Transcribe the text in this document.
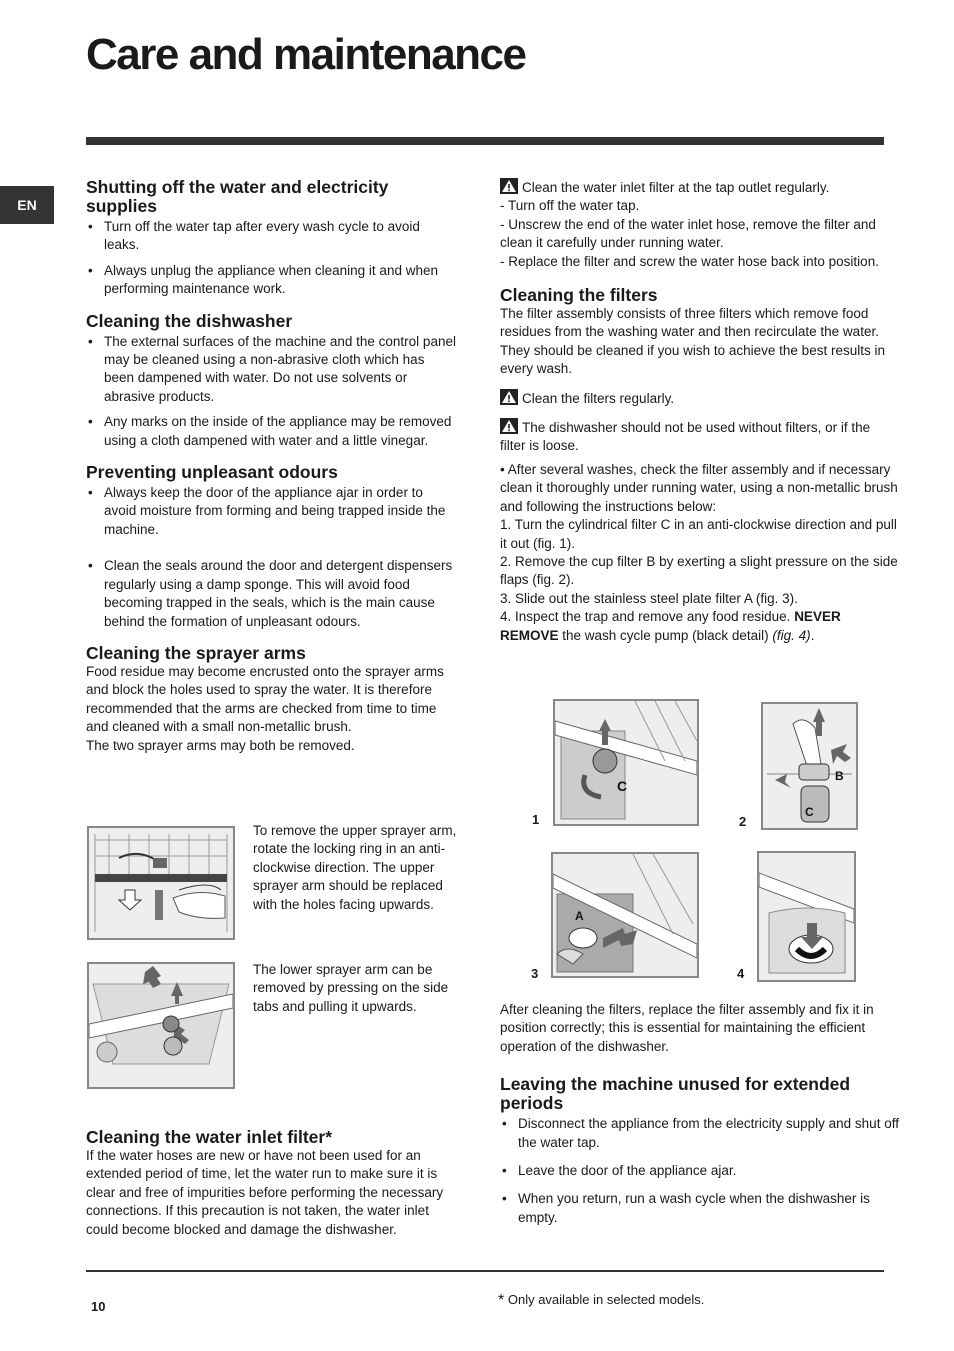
Care and maintenance
EN
Shutting off the water and electricity supplies
• Turn off the water tap after every wash cycle to avoid leaks.
• Always unplug the appliance when cleaning it and when performing maintenance work.
Cleaning the dishwasher
• The external surfaces of the machine and the control panel may be cleaned using a non-abrasive cloth which has been dampened with water. Do not use solvents or abrasive products.
• Any marks on the inside of the appliance may be removed using a cloth dampened with water and a little vinegar.
Preventing unpleasant odours
• Always keep the door of the appliance ajar in order to avoid moisture from forming and being trapped inside the machine.
• Clean the seals around the door and detergent dispensers regularly using a damp sponge. This will avoid food becoming trapped in the seals, which is the main cause behind the formation of unpleasant odours.
Cleaning the sprayer arms

Food residue may become encrusted onto the sprayer arms and block the holes used to spray the water. It is therefore recommended that the arms are checked from time to time and cleaned with a small non-metallic brush.

The two sprayer arms may both be removed.

To remove the upper sprayer arm, rotate the locking ring in an anti-clockwise direction. The upper sprayer arm should be replaced with the holes facing upwards.
The lower sprayer arm can be removed by pressing on the side tabs and pulling it upwards.
Cleaning the water inlet filter*

If the water hoses are new or have not been used for an extended period of time, let the water run to make sure it is clear and free of impurities before performing the necessary connections. If this precaution is not taken, the water inlet could become blocked and damage the dishwasher.

Clean the water inlet filter at the tap outlet regularly.

- Turn off the water tap.

- Unscrew the end of the water inlet hose, remove the filter and clean it carefully under running water.

- Replace the filter and screw the water hose back into position.

Cleaning the filters

The filter assembly consists of three filters which remove food residues from the washing water and then recirculate the water. They should be cleaned if you wish to achieve the best results in every wash.

Clean the filters regularly.

The dishwasher should not be used without filters, or if the filter is loose.

• After several washes, check the filter assembly and if necessary clean it thoroughly under running water, using a non-metallic brush and following the instructions below:

1. Turn the cylindrical filter C in an anti-clockwise direction and pull it out (fig. 1).

2. Remove the cup filter B by exerting a slight pressure on the side flaps (fig. 2).

3. Slide out the stainless steel plate filter A (fig. 3).

4. Inspect the trap and remove any food residue. NEVER REMOVE the wash cycle pump (black detail) (fig. 4).

C
B
C
A
1	2
3	4

After cleaning the filters, replace the filter assembly and fix it in position correctly; this is essential for maintaining the efficient operation of the dishwasher.

Leaving the machine unused for extended periods
• Disconnect the appliance from the electricity supply and shut off the water tap.
• Leave the door of the appliance ajar.
• When you return, run a wash cycle when the dishwasher is empty.
10	* Only available in selected models.
